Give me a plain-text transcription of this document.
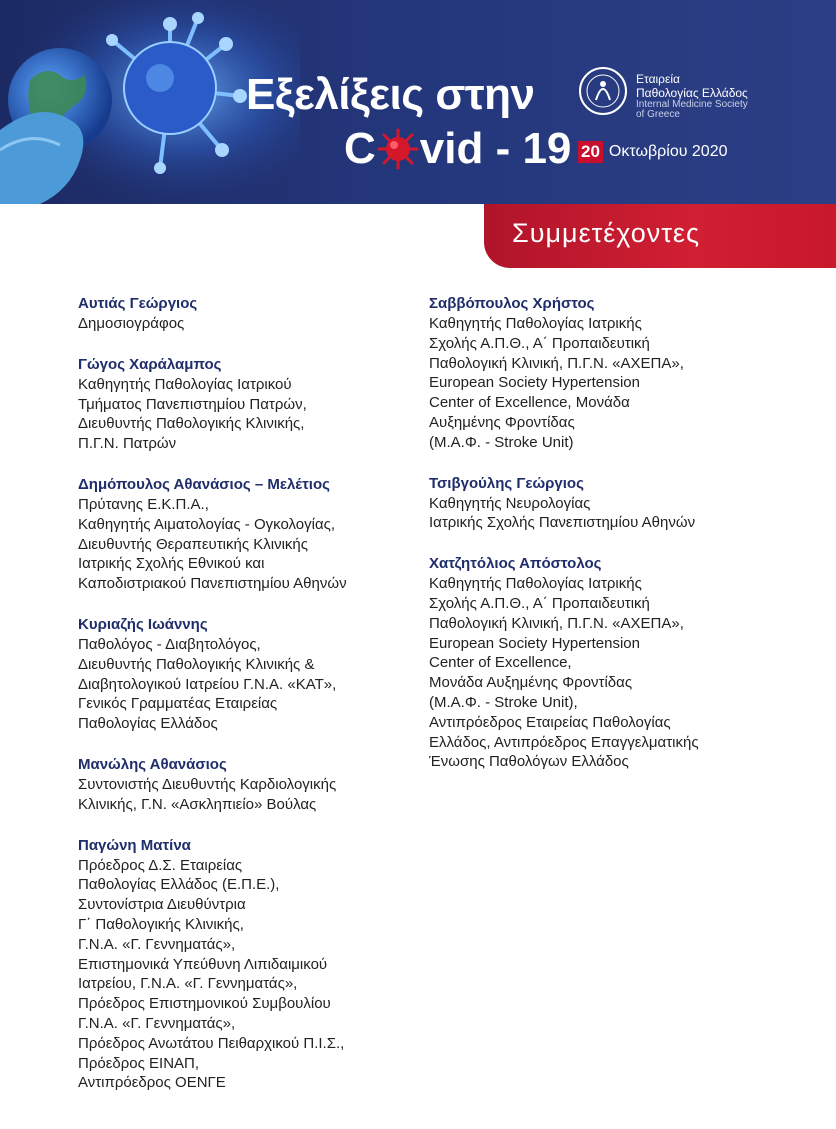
Εξελίξεις στην
C vid - 19
Εταιρεία
Παθολογίας Ελλάδος
Internal Medicine Society
of Greece
20 Οκτωβρίου 2020
Συμμετέχοντες
Αυτιάς Γεώργιος
Δημοσιογράφος
Γώγος Χαράλαμπος
Καθηγητής Παθολογίας Ιατρικού
Τμήματος Πανεπιστημίου Πατρών,
Διευθυντής Παθολογικής Κλινικής,
Π.Γ.Ν. Πατρών
Δημόπουλος Αθανάσιος – Μελέτιος
Πρύτανης Ε.Κ.Π.Α.,
Καθηγητής Αιματολογίας - Ογκολογίας,
Διευθυντής Θεραπευτικής Κλινικής
Ιατρικής Σχολής Εθνικού και
Καποδιστριακού Πανεπιστημίου Αθηνών
Κυριαζής Ιωάννης
Παθολόγος - Διαβητολόγος,
Διευθυντής Παθολογικής Κλινικής &
Διαβητολογικού Ιατρείου Γ.Ν.Α. «ΚΑΤ»,
Γενικός Γραμματέας Εταιρείας
Παθολογίας Ελλάδος
Μανώλης Αθανάσιος
Συντονιστής Διευθυντής Καρδιολογικής
Κλινικής, Γ.Ν. «Ασκληπιείο» Βούλας
Παγώνη Ματίνα
Πρόεδρος Δ.Σ. Εταιρείας
Παθολογίας Ελλάδος (Ε.Π.Ε.),
Συντονίστρια Διευθύντρια
Γ΄ Παθολογικής Κλινικής,
Γ.Ν.Α. «Γ. Γεννηματάς»,
Επιστημονικά Υπεύθυνη Λιπιδαιμικού
Ιατρείου, Γ.Ν.Α. «Γ. Γεννηματάς»,
Πρόεδρος Επιστημονικού Συμβουλίου
Γ.Ν.Α. «Γ. Γεννηματάς»,
Πρόεδρος Ανωτάτου Πειθαρχικού Π.Ι.Σ.,
Πρόεδρος ΕΙΝΑΠ,
Αντιπρόεδρος ΟΕΝΓΕ
Σαββόπουλος Χρήστος
Καθηγητής Παθολογίας Ιατρικής
Σχολής Α.Π.Θ., Α΄ Προπαιδευτική
Παθολογική Κλινική, Π.Γ.Ν. «ΑΧΕΠΑ»,
European Society Hypertension
Center of Excellence, Μονάδα
Αυξημένης Φροντίδας
(Μ.Α.Φ. - Stroke Unit)
Τσιβγούλης Γεώργιος
Καθηγητής Νευρολογίας
Ιατρικής Σχολής Πανεπιστημίου Αθηνών
Χατζητόλιος Απόστολος
Καθηγητής Παθολογίας Ιατρικής
Σχολής Α.Π.Θ., Α΄ Προπαιδευτική
Παθολογική Κλινική, Π.Γ.Ν. «ΑΧΕΠΑ»,
European Society Hypertension
Center of Excellence,
Μονάδα Αυξημένης Φροντίδας
(Μ.Α.Φ. - Stroke Unit),
Αντιπρόεδρος Εταιρείας Παθολογίας
Ελλάδος, Αντιπρόεδρος Επαγγελματικής
Ένωσης Παθολόγων Ελλάδος
